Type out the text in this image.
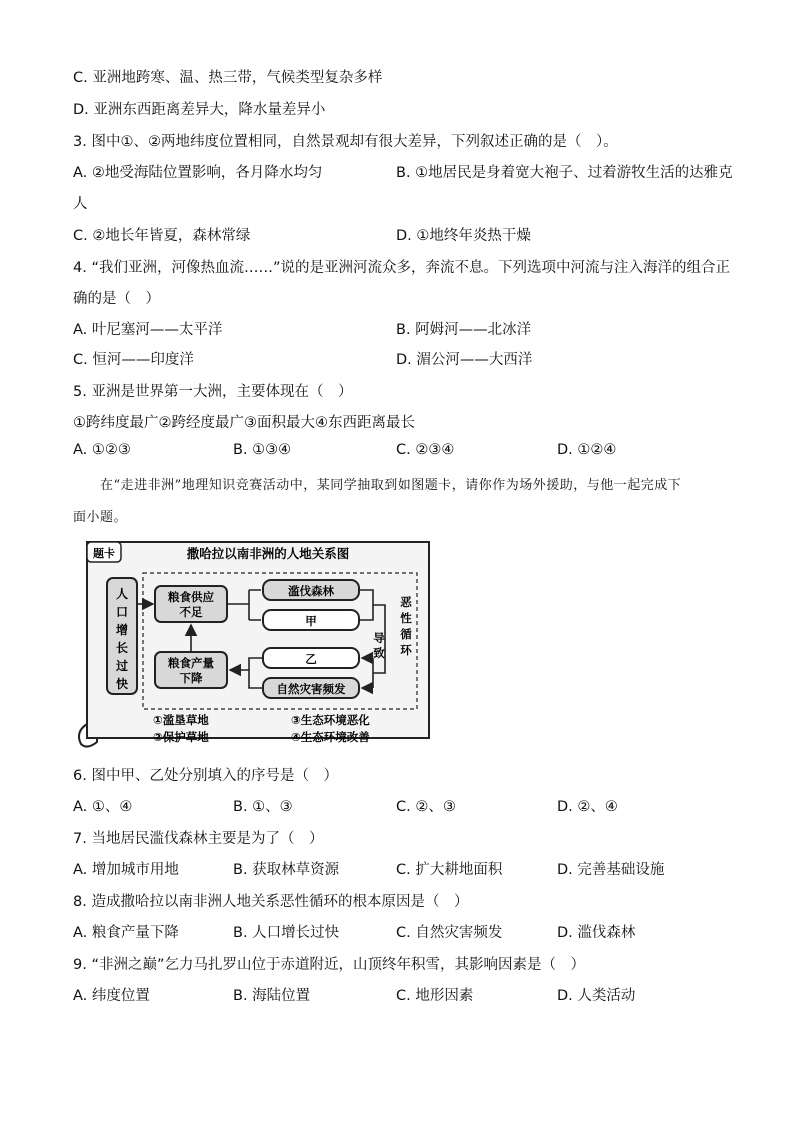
C. 亚洲地跨寒、温、热三带，气候类型复杂多样
D. 亚洲东西距离差异大，降水量差异小
3. 图中①、②两地纬度位置相同，自然景观却有很大差异，下列叙述正确的是（　）。
A. ②地受海陆位置影响，各月降水均匀	B. ①地居民是身着宽大袍子、过着游牧生活的达雅克
人
C. ②地长年皆夏，森林常绿	D. ①地终年炎热干燥
4. “我们亚洲，河像热血流……”说的是亚洲河流众多，奔流不息。下列选项中河流与注入海洋的组合正
确的是（　）
A. 叶尼塞河——太平洋	B. 阿姆河——北冰洋
C. 恒河——印度洋	D. 湄公河——大西洋
5. 亚洲是世界第一大洲，主要体现在（　）
①跨纬度最广②跨经度最广③面积最大④东西距离最长
A. ①②③	B. ①③④	C. ②③④	D. ①②④
在“走进非洲”地理知识竞赛活动中，某同学抽取到如图题卡，请你作为场外援助，与他一起完成下
面小题。
题卡	撒哈拉以南非洲的人地关系图
人
口
增
长
过
快
粮食供应
不足
粮食产量
下降
滥伐森林
甲
乙
自然灾害频发
导
致
恶
性
循
环
①滥垦草地
②保护草地
③生态环境恶化
④生态环境改善
6. 图中甲、乙处分别填入的序号是（　）
A. ①、④	B. ①、③	C. ②、③	D. ②、④
7. 当地居民滥伐森林主要是为了（　）
A. 增加城市用地	B. 获取林草资源	C. 扩大耕地面积	D. 完善基础设施
8. 造成撒哈拉以南非洲人地关系恶性循环的根本原因是（　）
A. 粮食产量下降	B. 人口增长过快	C. 自然灾害频发	D. 滥伐森林
9. “非洲之巅”乞力马扎罗山位于赤道附近，山顶终年积雪，其影响因素是（　）
A. 纬度位置	B. 海陆位置	C. 地形因素	D. 人类活动
